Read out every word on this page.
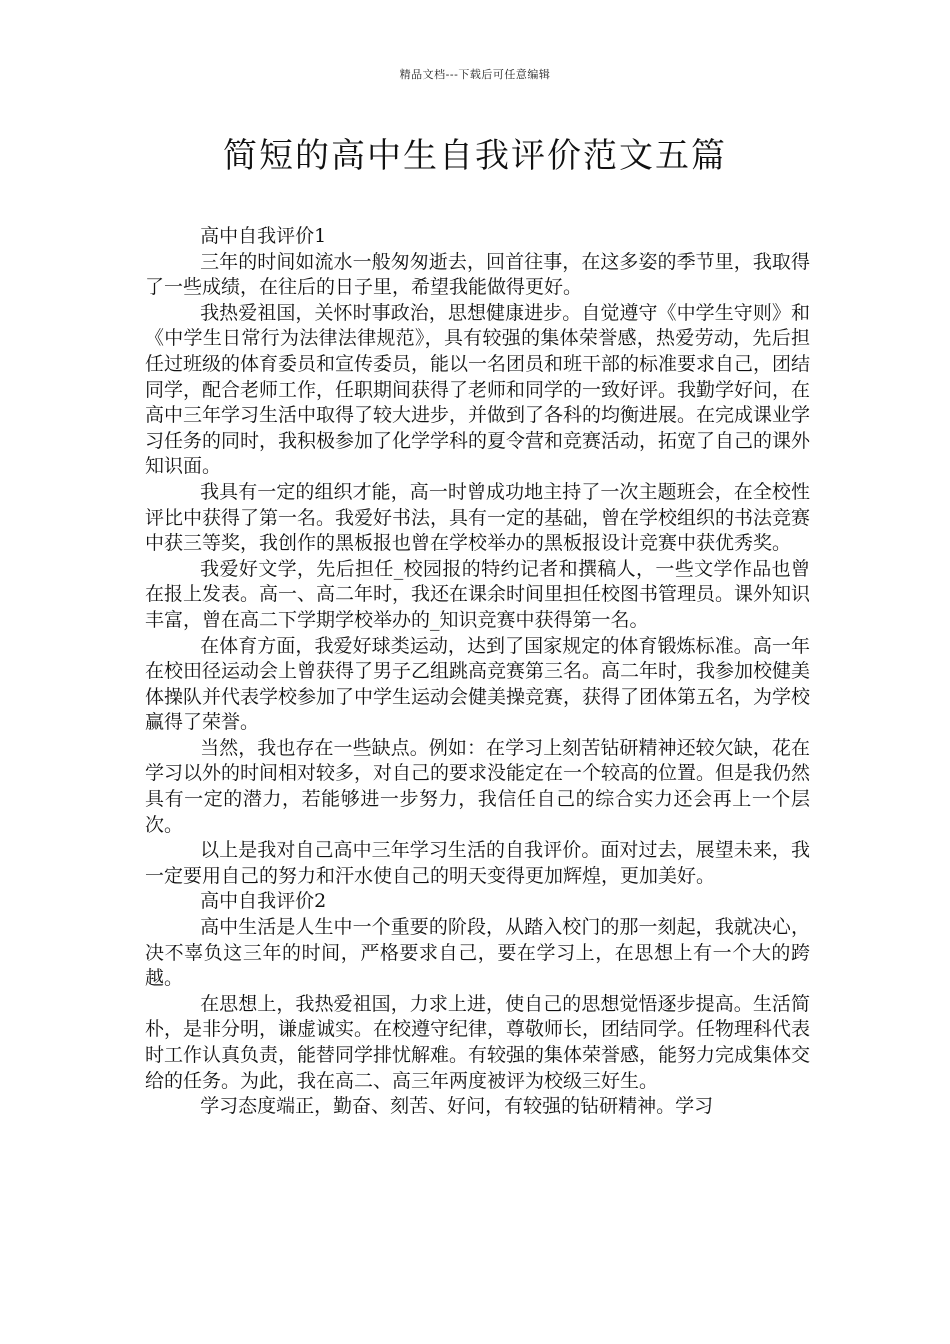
精品文档---下载后可任意编辑
简短的高中生自我评价范文五篇

高中自我评价1

三年的时间如流水一般匆匆逝去，回首往事，在这多姿的季节里，我取得了一些成绩，在往后的日子里，希望我能做得更好。

我热爱祖国，关怀时事政治，思想健康进步。自觉遵守《中学生守则》和《中学生日常行为法律法律规范》，具有较强的集体荣誉感，热爱劳动，先后担任过班级的体育委员和宣传委员，能以一名团员和班干部的标准要求自己，团结同学，配合老师工作，任职期间获得了老师和同学的一致好评。我勤学好问，在高中三年学习生活中取得了较大进步，并做到了各科的均衡进展。在完成课业学习任务的同时，我积极参加了化学学科的夏令营和竞赛活动，拓宽了自己的课外知识面。

我具有一定的组织才能，高一时曾成功地主持了一次主题班会，在全校性评比中获得了第一名。我爱好书法，具有一定的基础，曾在学校组织的书法竞赛中获三等奖，我创作的黑板报也曾在学校举办的黑板报设计竞赛中获优秀奖。

我爱好文学，先后担任_校园报的特约记者和撰稿人，一些文学作品也曾在报上发表。高一、高二年时，我还在课余时间里担任校图书管理员。课外知识丰富，曾在高二下学期学校举办的_知识竞赛中获得第一名。

在体育方面，我爱好球类运动，达到了国家规定的体育锻炼标准。高一年在校田径运动会上曾获得了男子乙组跳高竞赛第三名。高二年时，我参加校健美体操队并代表学校参加了中学生运动会健美操竞赛，获得了团体第五名，为学校赢得了荣誉。

当然，我也存在一些缺点。例如：在学习上刻苦钻研精神还较欠缺，花在学习以外的时间相对较多，对自己的要求没能定在一个较高的位置。但是我仍然具有一定的潜力，若能够进一步努力，我信任自己的综合实力还会再上一个层次。

以上是我对自己高中三年学习生活的自我评价。面对过去，展望未来，我一定要用自己的努力和汗水使自己的明天变得更加辉煌，更加美好。

高中自我评价2

高中生活是人生中一个重要的阶段，从踏入校门的那一刻起，我就决心，决不辜负这三年的时间，严格要求自己，要在学习上，在思想上有一个大的跨越。

在思想上，我热爱祖国，力求上进，使自己的思想觉悟逐步提高。生活简朴，是非分明，谦虚诚实。在校遵守纪律，尊敬师长，团结同学。任物理科代表时工作认真负责，能替同学排忧解难。有较强的集体荣誉感，能努力完成集体交给的任务。为此，我在高二、高三年两度被评为校级三好生。

学习态度端正，勤奋、刻苦、好问，有较强的钻研精神。学习
